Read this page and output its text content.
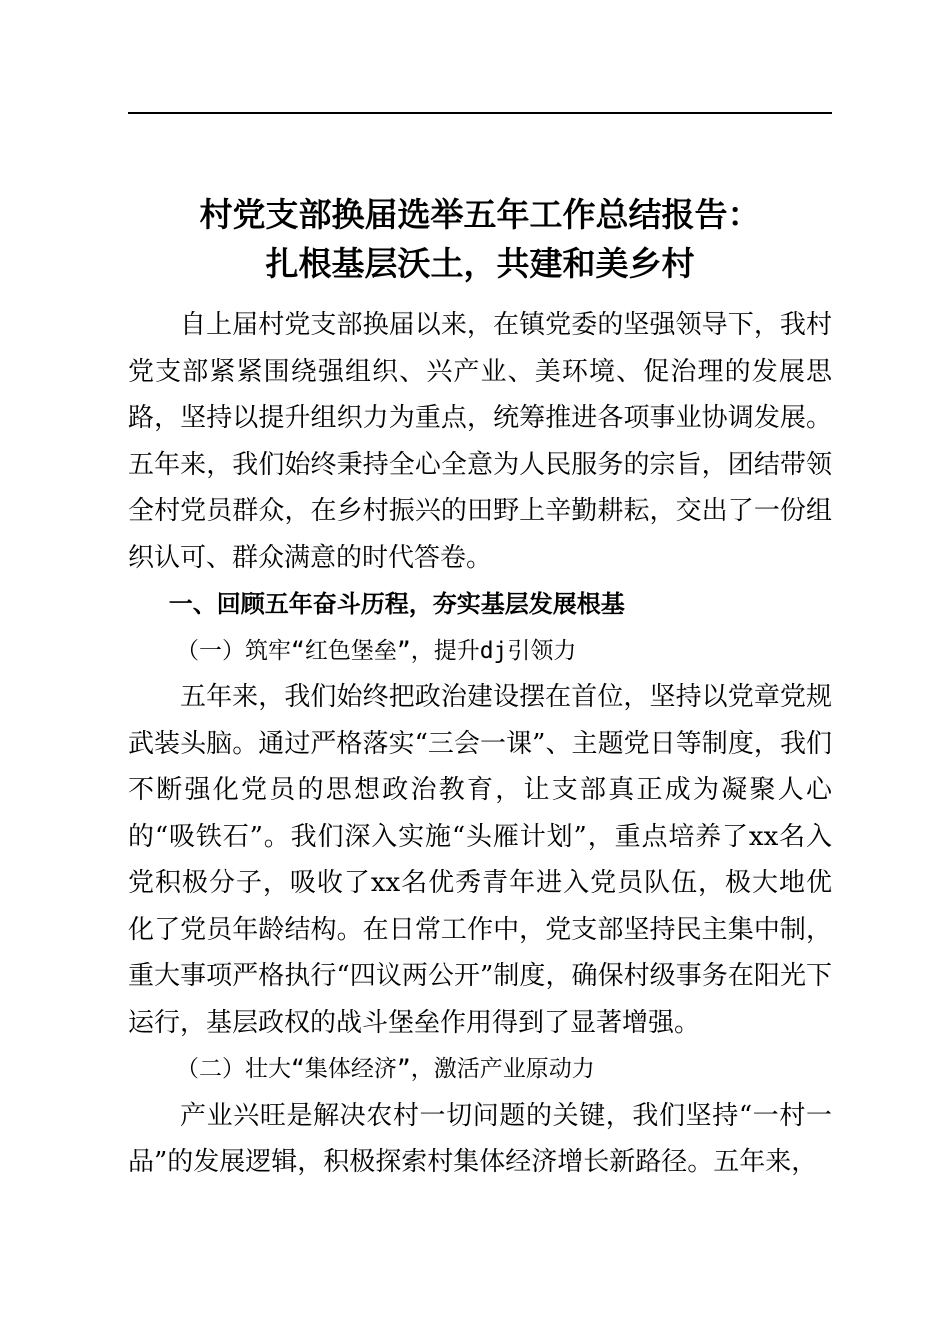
村党支部换届选举五年工作总结报告：
扎根基层沃土，共建和美乡村

自上届村党支部换届以来，在镇党委的坚强领导下，我村党支部紧紧围绕强组织、兴产业、美环境、促治理的发展思路，坚持以提升组织力为重点，统筹推进各项事业协调发展。五年来，我们始终秉持全心全意为人民服务的宗旨，团结带领全村党员群众，在乡村振兴的田野上辛勤耕耘，交出了一份组织认可、群众满意的时代答卷。

一、回顾五年奋斗历程，夯实基层发展根基

（一）筑牢“红色堡垒”，提升dj引领力

五年来，我们始终把政治建设摆在首位，坚持以党章党规武装头脑。通过严格落实“三会一课”、主题党日等制度，我们不断强化党员的思想政治教育，让支部真正成为凝聚人心的“吸铁石”。我们深入实施“头雁计划”，重点培养了xx名入党积极分子，吸收了xx名优秀青年进入党员队伍，极大地优化了党员年龄结构。在日常工作中，党支部坚持民主集中制，重大事项严格执行“四议两公开”制度，确保村级事务在阳光下运行，基层政权的战斗堡垒作用得到了显著增强。

（二）壮大“集体经济”，激活产业原动力

产业兴旺是解决农村一切问题的关键，我们坚持“一村一品”的发展逻辑，积极探索村集体经济增长新路径。五年来，
